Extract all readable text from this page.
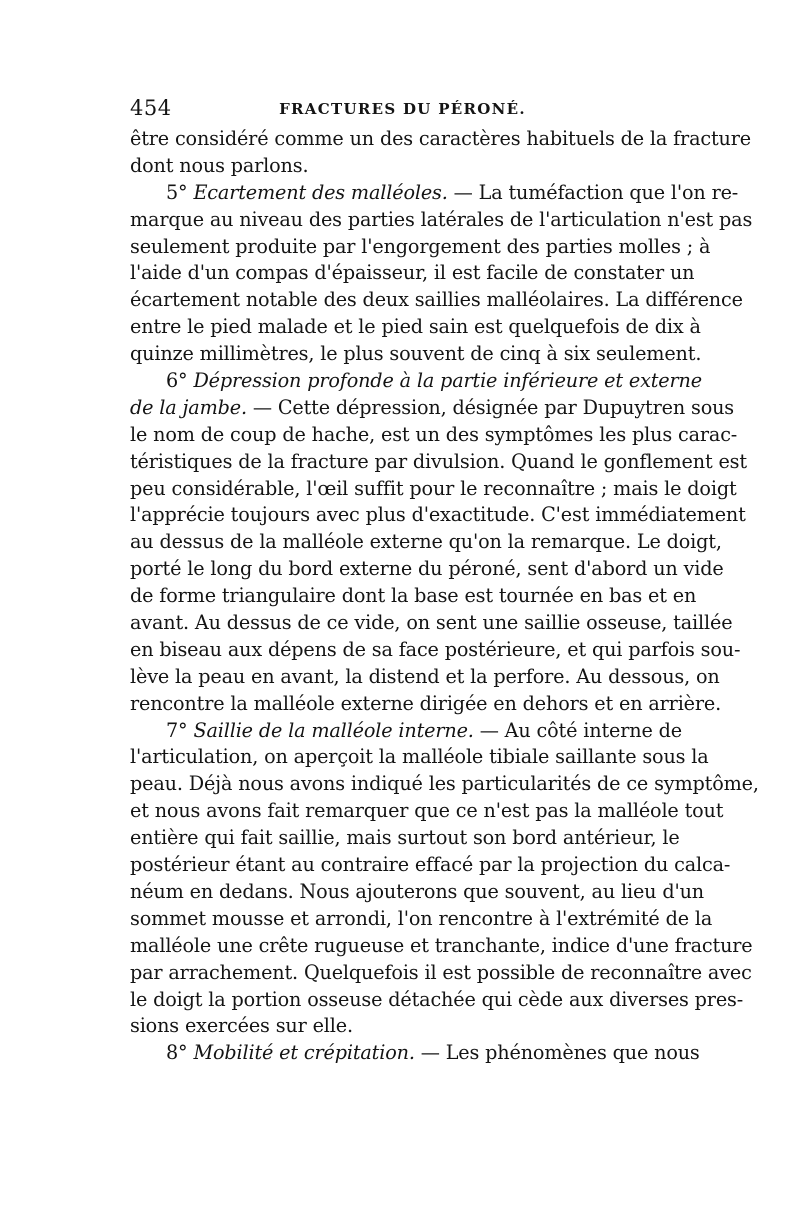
454	FRACTURES DU PÉRONÉ.
être considéré comme un des caractères habituels de la fracture
dont nous parlons.
5° Ecartement des malléoles. — La tuméfaction que l'on re-
marque au niveau des parties latérales de l'articulation n'est pas
seulement produite par l'engorgement des parties molles ; à
l'aide d'un compas d'épaisseur, il est facile de constater un
écartement notable des deux saillies malléolaires. La différence
entre le pied malade et le pied sain est quelquefois de dix à
quinze millimètres, le plus souvent de cinq à six seulement.
6° Dépression profonde à la partie inférieure et externe
de la jambe. — Cette dépression, désignée par Dupuytren sous
le nom de coup de hache, est un des symptômes les plus carac-
téristiques de la fracture par divulsion. Quand le gonflement est
peu considérable, l'œil suffit pour le reconnaître ; mais le doigt
l'apprécie toujours avec plus d'exactitude. C'est immédiatement
au dessus de la malléole externe qu'on la remarque. Le doigt,
porté le long du bord externe du péroné, sent d'abord un vide
de forme triangulaire dont la base est tournée en bas et en
avant. Au dessus de ce vide, on sent une saillie osseuse, taillée
en biseau aux dépens de sa face postérieure, et qui parfois sou-
lève la peau en avant, la distend et la perfore. Au dessous, on
rencontre la malléole externe dirigée en dehors et en arrière.
7° Saillie de la malléole interne. — Au côté interne de
l'articulation, on aperçoit la malléole tibiale saillante sous la
peau. Déjà nous avons indiqué les particularités de ce symptôme,
et nous avons fait remarquer que ce n'est pas la malléole tout
entière qui fait saillie, mais surtout son bord antérieur, le
postérieur étant au contraire effacé par la projection du calca-
néum en dedans. Nous ajouterons que souvent, au lieu d'un
sommet mousse et arrondi, l'on rencontre à l'extrémité de la
malléole une crête rugueuse et tranchante, indice d'une fracture
par arrachement. Quelquefois il est possible de reconnaître avec
le doigt la portion osseuse détachée qui cède aux diverses pres-
sions exercées sur elle.
8° Mobilité et crépitation. — Les phénomènes que nous
